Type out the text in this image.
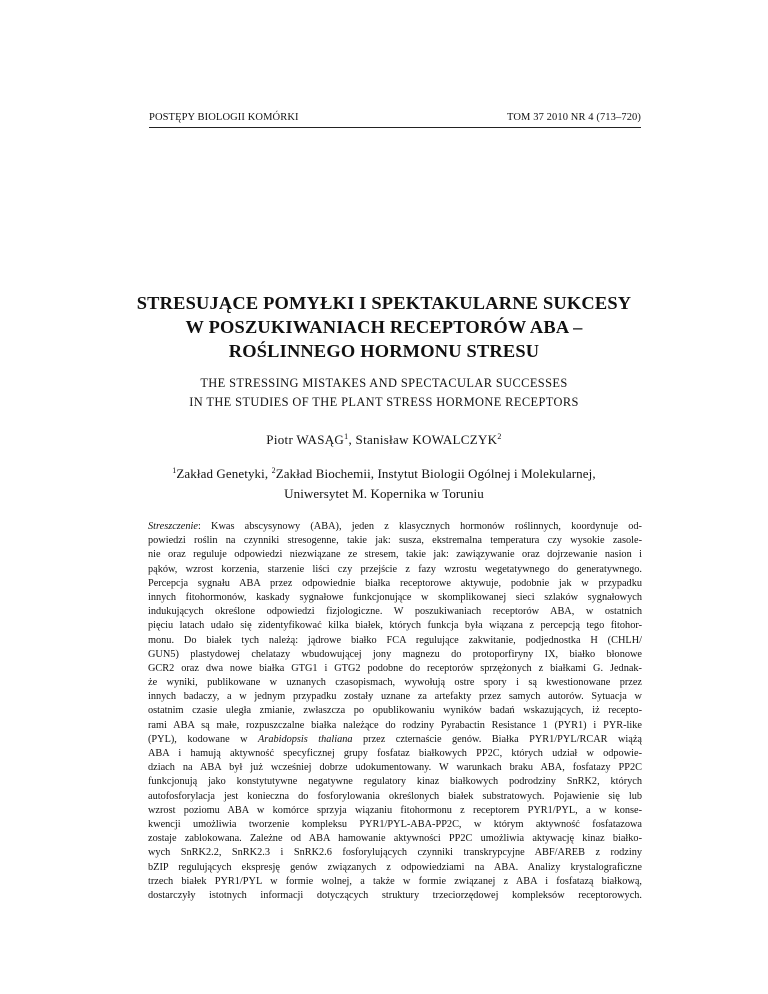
POSTĘPY BIOLOGII KOMÓRKI	TOM 37 2010 NR 4 (713–720)
STRESUJĄCE POMYŁKI I SPEKTAKULARNE SUKCESY
W POSZUKIWANIACH RECEPTORÓW ABA –
ROŚLINNEGO HORMONU STRESU
THE STRESSING MISTAKES AND SPECTACULAR SUCCESSES
IN THE STUDIES OF THE PLANT STRESS HORMONE RECEPTORS
Piotr WASĄG$^1$, Stanisław KOWALCZYK$^2$
$^1$Zakład Genetyki, $^2$Zakład Biochemii, Instytut Biologii Ogólnej i Molekularnej,
Uniwersytet M. Kopernika w Toruniu
Streszczenie: Kwas abscysynowy (ABA), jeden z klasycznych hormonów roślinnych, koordynuje od-
powiedzi roślin na czynniki stresogenne, takie jak: susza, ekstremalna temperatura czy wysokie zasole-
nie oraz reguluje odpowiedzi niezwiązane ze stresem, takie jak: zawiązywanie oraz dojrzewanie nasion i
pąków, wzrost korzenia, starzenie liści czy przejście z fazy wzrostu wegetatywnego do generatywnego.
Percepcja sygnału ABA przez odpowiednie białka receptorowe aktywuje, podobnie jak w przypadku
innych fitohormonów, kaskady sygnałowe funkcjonujące w skomplikowanej sieci szlaków sygnałowych
indukujących określone odpowiedzi fizjologiczne. W poszukiwaniach receptorów ABA, w ostatnich
pięciu latach udało się zidentyfikować kilka białek, których funkcja była wiązana z percepcją tego fitohor-
monu. Do białek tych należą: jądrowe białko FCA regulujące zakwitanie, podjednostka H (CHLH/
GUN5) plastydowej chelatazy wbudowującej jony magnezu do protoporfiryny IX, białko błonowe
GCR2 oraz dwa nowe białka GTG1 i GTG2 podobne do receptorów sprzężonych z białkami G. Jednak-
że wyniki, publikowane w uznanych czasopismach, wywołują ostre spory i są kwestionowane przez
innych badaczy, a w jednym przypadku zostały uznane za artefakty przez samych autorów. Sytuacja w
ostatnim czasie uległa zmianie, zwłaszcza po opublikowaniu wyników badań wskazujących, iż recepto-
rami ABA są małe, rozpuszczalne białka należące do rodziny Pyrabactin Resistance 1 (PYR1) i PYR-like
(PYL), kodowane w Arabidopsis thaliana przez czternaście genów. Białka PYR1/PYL/RCAR wiążą
ABA i hamują aktywność specyficznej grupy fosfataz białkowych PP2C, których udział w odpowie-
dziach na ABA był już wcześniej dobrze udokumentowany. W warunkach braku ABA, fosfatazy PP2C
funkcjonują jako konstytutywne negatywne regulatory kinaz białkowych podrodziny SnRK2, których
autofosforylacja jest konieczna do fosforylowania określonych białek substratowych. Pojawienie się lub
wzrost poziomu ABA w komórce sprzyja wiązaniu fitohormonu z receptorem PYR1/PYL, a w konse-
kwencji umożliwia tworzenie kompleksu PYR1/PYL-ABA-PP2C, w którym aktywność fosfatazowa
zostaje zablokowana. Zależne od ABA hamowanie aktywności PP2C umożliwia aktywację kinaz białko-
wych SnRK2.2, SnRK2.3 i SnRK2.6 fosforylujących czynniki transkrypcyjne ABF/AREB z rodziny
bZIP regulujących ekspresję genów związanych z odpowiedziami na ABA. Analizy krystalograficzne
trzech białek PYR1/PYL w formie wolnej, a także w formie związanej z ABA i fosfatazą białkową,
dostarczyły istotnych informacji dotyczących struktury trzeciorzędowej kompleksów receptorowych.
